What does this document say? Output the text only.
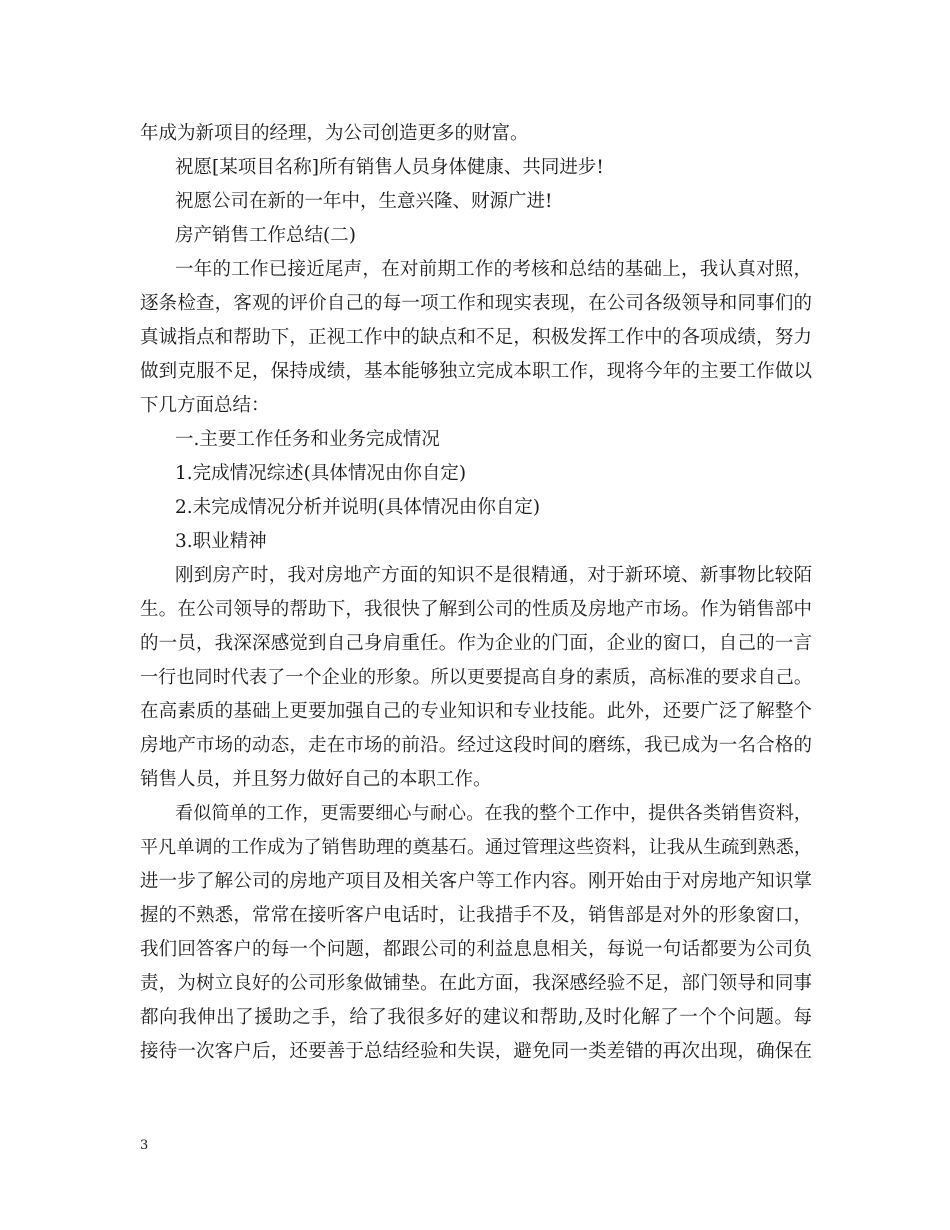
年成为新项目的经理，为公司创造更多的财富。
祝愿[某项目名称]所有销售人员身体健康、共同进步!
祝愿公司在新的一年中，生意兴隆、财源广进!
房产销售工作总结(二)
一年的工作已接近尾声，在对前期工作的考核和总结的基础上，我认真对照，
逐条检查，客观的评价自己的每一项工作和现实表现，在公司各级领导和同事们的
真诚指点和帮助下，正视工作中的缺点和不足，积极发挥工作中的各项成绩，努力
做到克服不足，保持成绩，基本能够独立完成本职工作，现将今年的主要工作做以
下几方面总结：
一.主要工作任务和业务完成情况
1.完成情况综述(具体情况由你自定)
2.未完成情况分析并说明(具体情况由你自定)
3.职业精神
刚到房产时，我对房地产方面的知识不是很精通，对于新环境、新事物比较陌
生。在公司领导的帮助下，我很快了解到公司的性质及房地产市场。作为销售部中
的一员，我深深感觉到自己身肩重任。作为企业的门面，企业的窗口，自己的一言
一行也同时代表了一个企业的形象。所以更要提高自身的素质，高标准的要求自己。
在高素质的基础上更要加强自己的专业知识和专业技能。此外，还要广泛了解整个
房地产市场的动态，走在市场的前沿。经过这段时间的磨练，我已成为一名合格的
销售人员，并且努力做好自己的本职工作。
看似简单的工作，更需要细心与耐心。在我的整个工作中，提供各类销售资料，
平凡单调的工作成为了销售助理的奠基石。通过管理这些资料，让我从生疏到熟悉，
进一步了解公司的房地产项目及相关客户等工作内容。刚开始由于对房地产知识掌
握的不熟悉，常常在接听客户电话时，让我措手不及，销售部是对外的形象窗口，
我们回答客户的每一个问题，都跟公司的利益息息相关，每说一句话都要为公司负
责，为树立良好的公司形象做铺垫。在此方面，我深感经验不足，部门领导和同事
都向我伸出了援助之手，给了我很多好的建议和帮助,及时化解了一个个问题。每
接待一次客户后，还要善于总结经验和失误，避免同一类差错的再次出现，确保在
3
